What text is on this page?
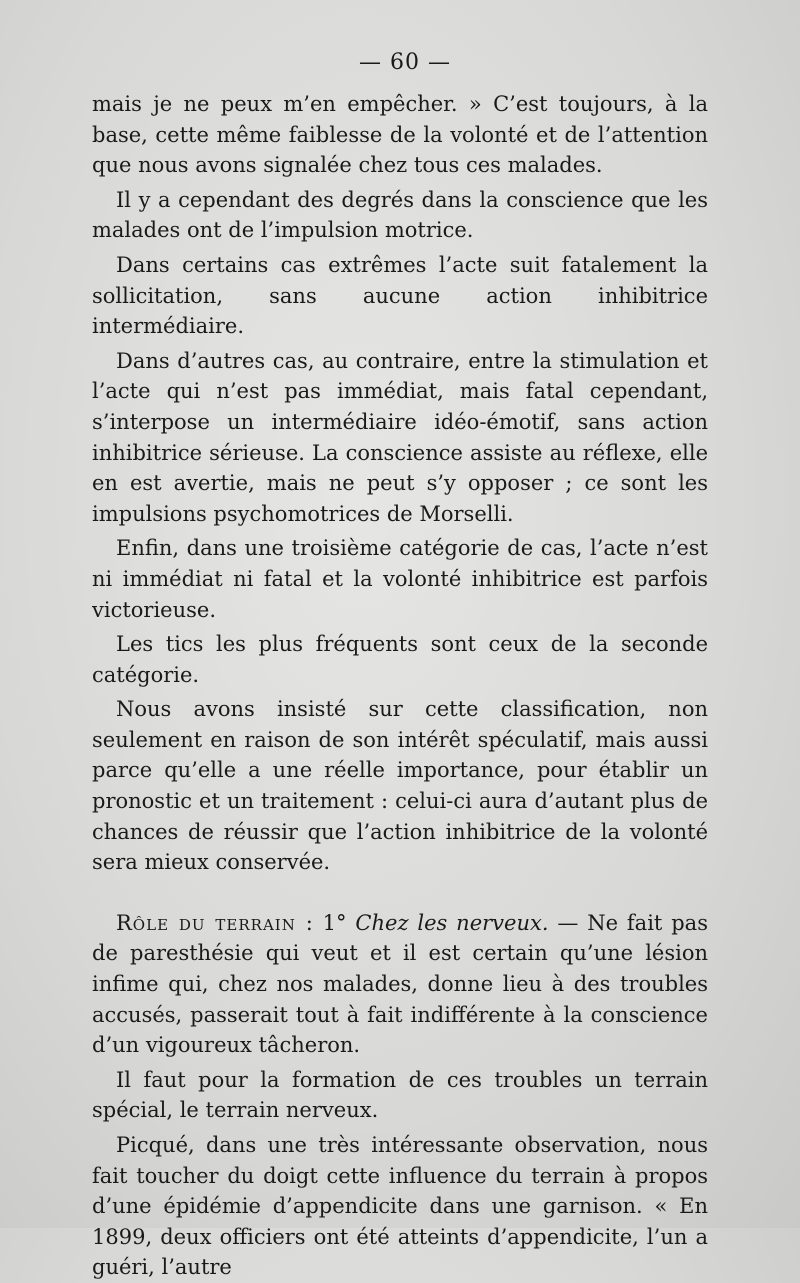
— 60 —

mais je ne peux m’en empêcher. » C’est toujours, à la base, cette même faiblesse de la volonté et de l’attention que nous avons signalée chez tous ces malades.

Il y a cependant des degrés dans la conscience que les malades ont de l’impulsion motrice.

Dans certains cas extrêmes l’acte suit fatalement la sollicitation, sans aucune action inhibitrice intermédiaire.

Dans d’autres cas, au contraire, entre la stimulation et l’acte qui n’est pas immédiat, mais fatal cependant, s’interpose un intermédiaire idéo-émotif, sans action inhibitrice sérieuse. La conscience assiste au réflexe, elle en est avertie, mais ne peut s’y opposer ; ce sont les impulsions psychomotrices de Morselli.

Enfin, dans une troisième catégorie de cas, l’acte n’est ni immédiat ni fatal et la volonté inhibitrice est parfois victorieuse.

Les tics les plus fréquents sont ceux de la seconde catégorie.

Nous avons insisté sur cette classification, non seulement en raison de son intérêt spéculatif, mais aussi parce qu’elle a une réelle importance, pour établir un pronostic et un traitement : celui-ci aura d’autant plus de chances de réussir que l’action inhibitrice de la volonté sera mieux conservée.

Rôle du terrain : 1° Chez les nerveux. — Ne fait pas de paresthésie qui veut et il est certain qu’une lésion infime qui, chez nos malades, donne lieu à des troubles accusés, passerait tout à fait indifférente à la conscience d’un vigoureux tâcheron.

Il faut pour la formation de ces troubles un terrain spécial, le terrain nerveux.

Picqué, dans une très intéressante observation, nous fait toucher du doigt cette influence du terrain à propos d’une épidémie d’appendicite dans une garnison. « En 1899, deux officiers ont été atteints d’appendicite, l’un a guéri, l’autre
